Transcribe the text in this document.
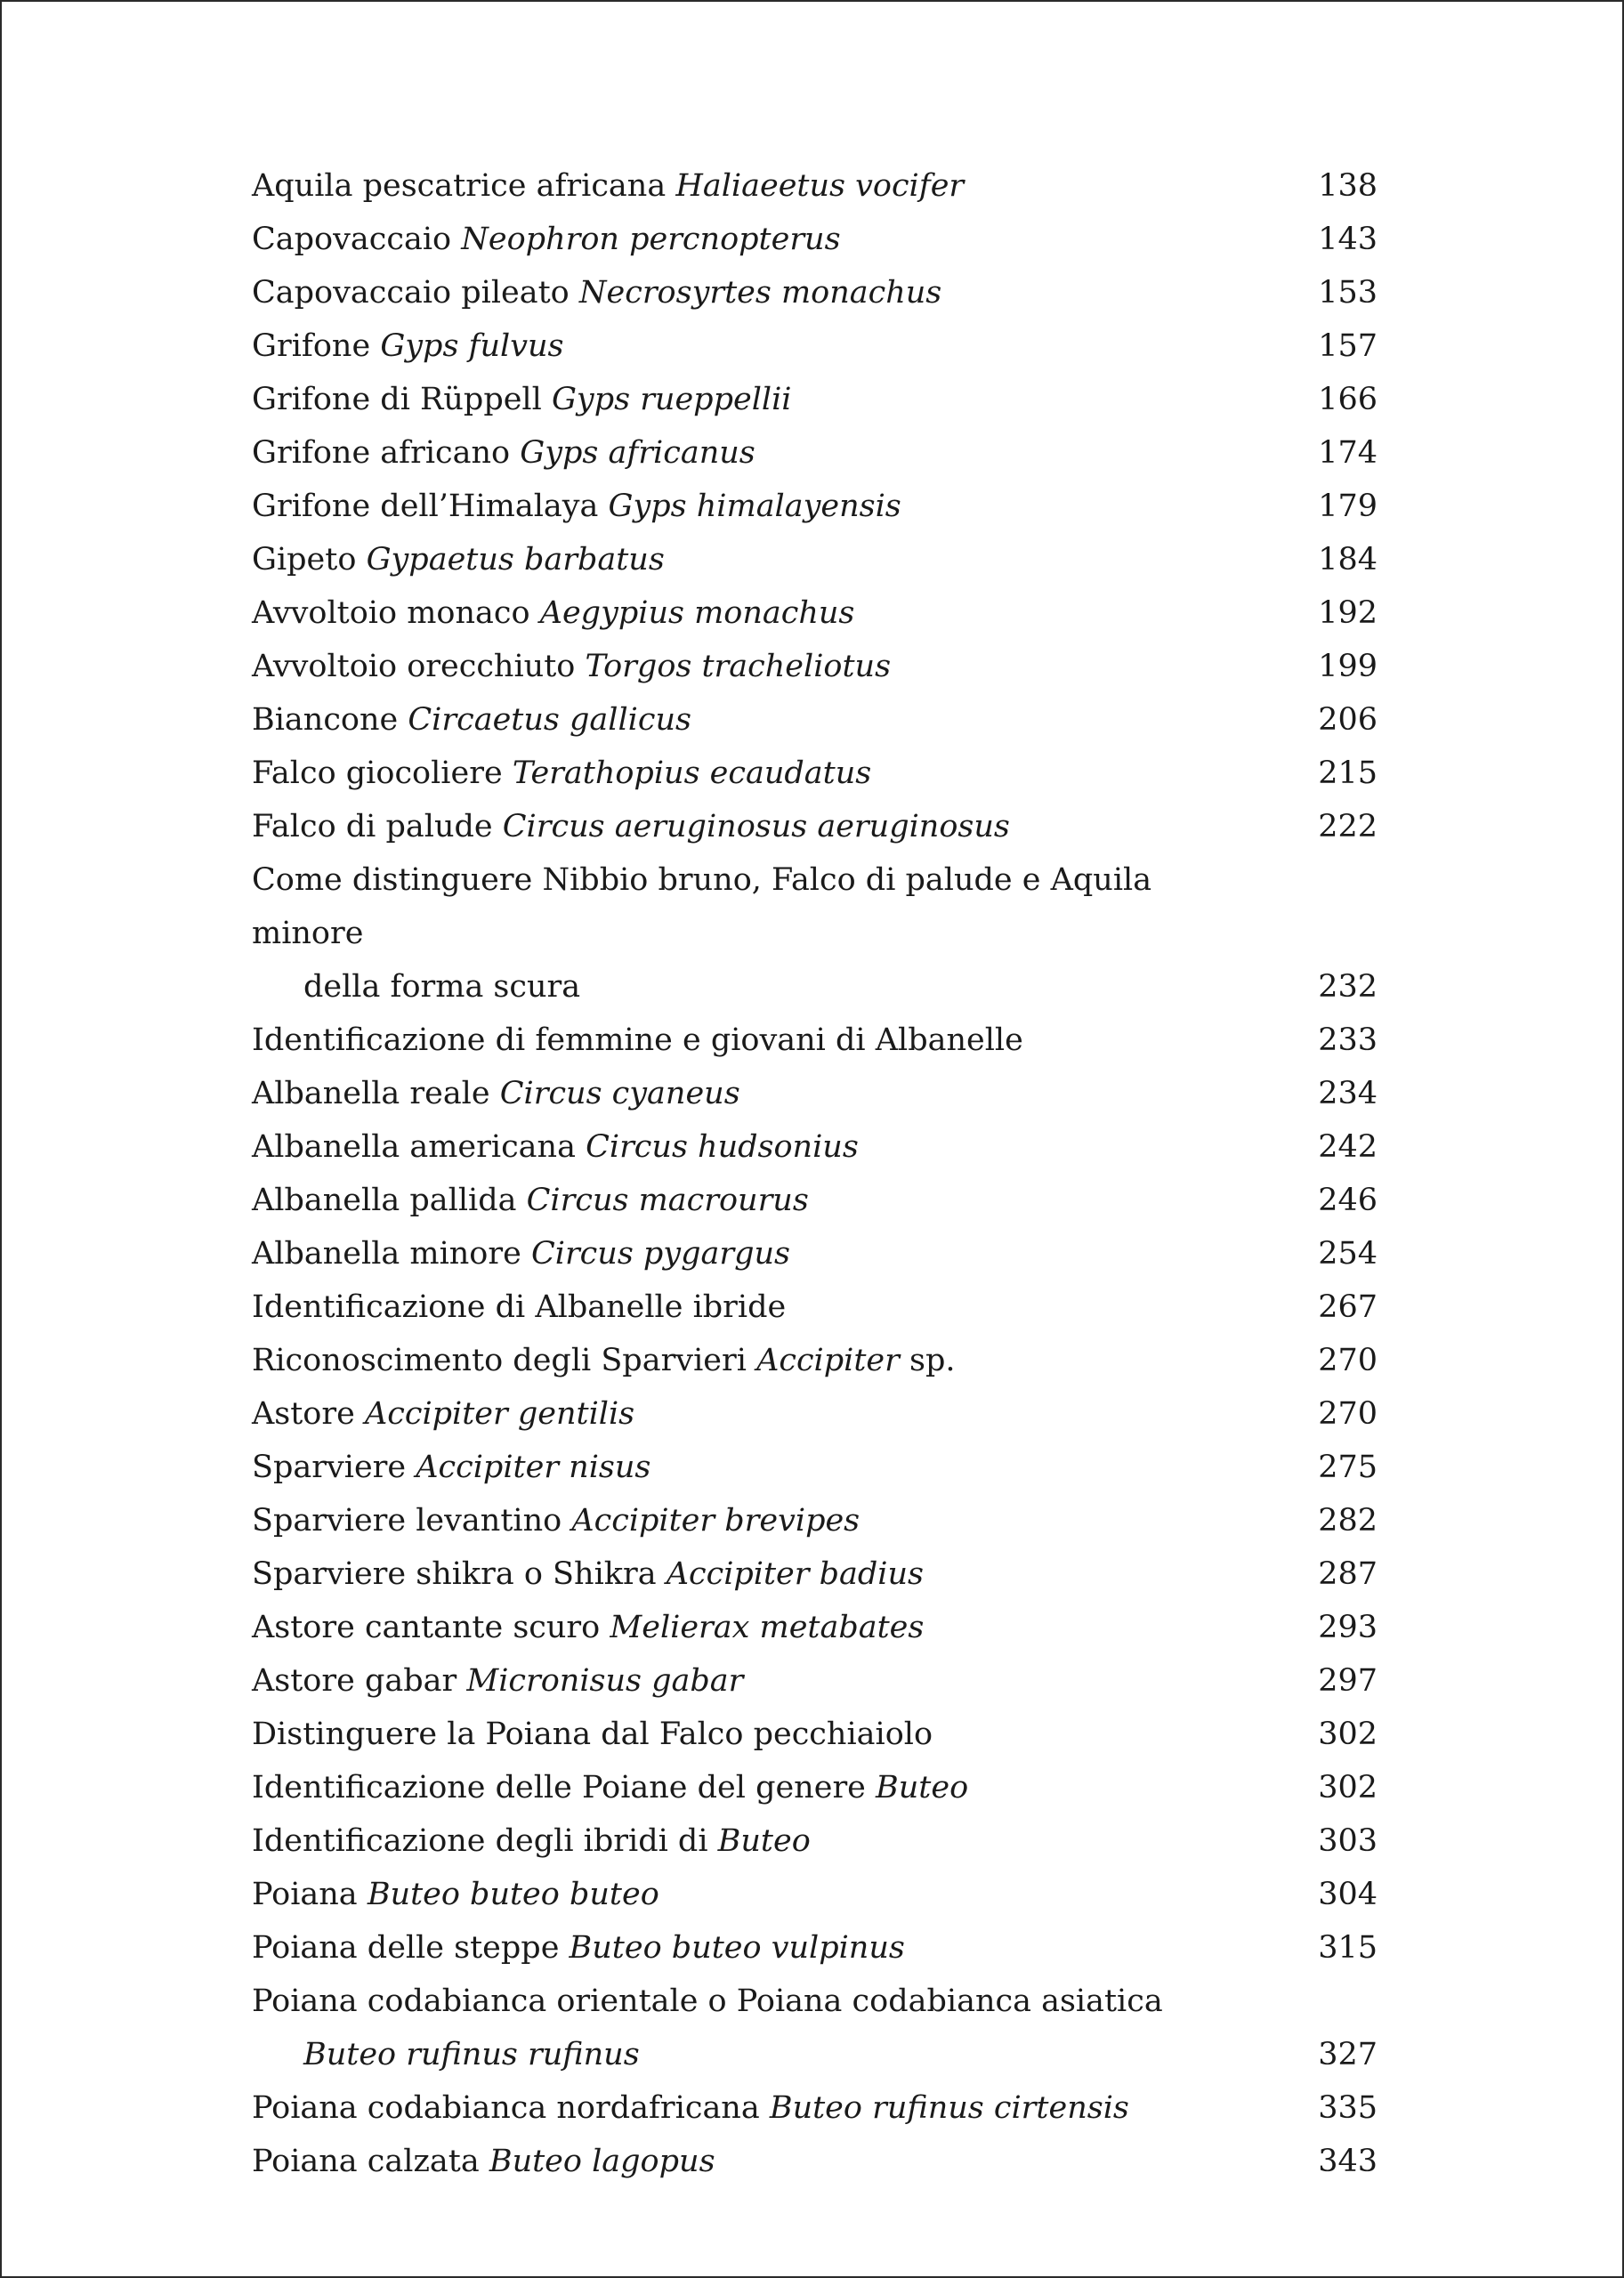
Aquila pescatrice africana Haliaeetus vocifer	138
Capovaccaio Neophron percnopterus	143
Capovaccaio pileato Necrosyrtes monachus	153
Grifone Gyps fulvus	157
Grifone di Rüppell Gyps rueppellii	166
Grifone africano Gyps africanus	174
Grifone dell’Himalaya Gyps himalayensis	179
Gipeto Gypaetus barbatus	184
Avvoltoio monaco Aegypius monachus	192
Avvoltoio orecchiuto Torgos tracheliotus	199
Biancone Circaetus gallicus	206
Falco giocoliere Terathopius ecaudatus	215
Falco di palude Circus aeruginosus aeruginosus	222
Come distinguere Nibbio bruno, Falco di palude e Aquila minore
della forma scura	232
Identificazione di femmine e giovani di Albanelle	233
Albanella reale Circus cyaneus	234
Albanella americana Circus hudsonius	242
Albanella pallida Circus macrourus	246
Albanella minore Circus pygargus	254
Identificazione di Albanelle ibride	267
Riconoscimento degli Sparvieri Accipiter sp.	270
Astore Accipiter gentilis	270
Sparviere Accipiter nisus	275
Sparviere levantino Accipiter brevipes	282
Sparviere shikra o Shikra Accipiter badius	287
Astore cantante scuro Melierax metabates	293
Astore gabar Micronisus gabar	297
Distinguere la Poiana dal Falco pecchiaiolo	302
Identificazione delle Poiane del genere Buteo	302
Identificazione degli ibridi di Buteo	303
Poiana Buteo buteo buteo	304
Poiana delle steppe Buteo buteo vulpinus	315
Poiana codabianca orientale o Poiana codabianca asiatica
Buteo rufinus rufinus	327
Poiana codabianca nordafricana Buteo rufinus cirtensis	335
Poiana calzata Buteo lagopus	343
